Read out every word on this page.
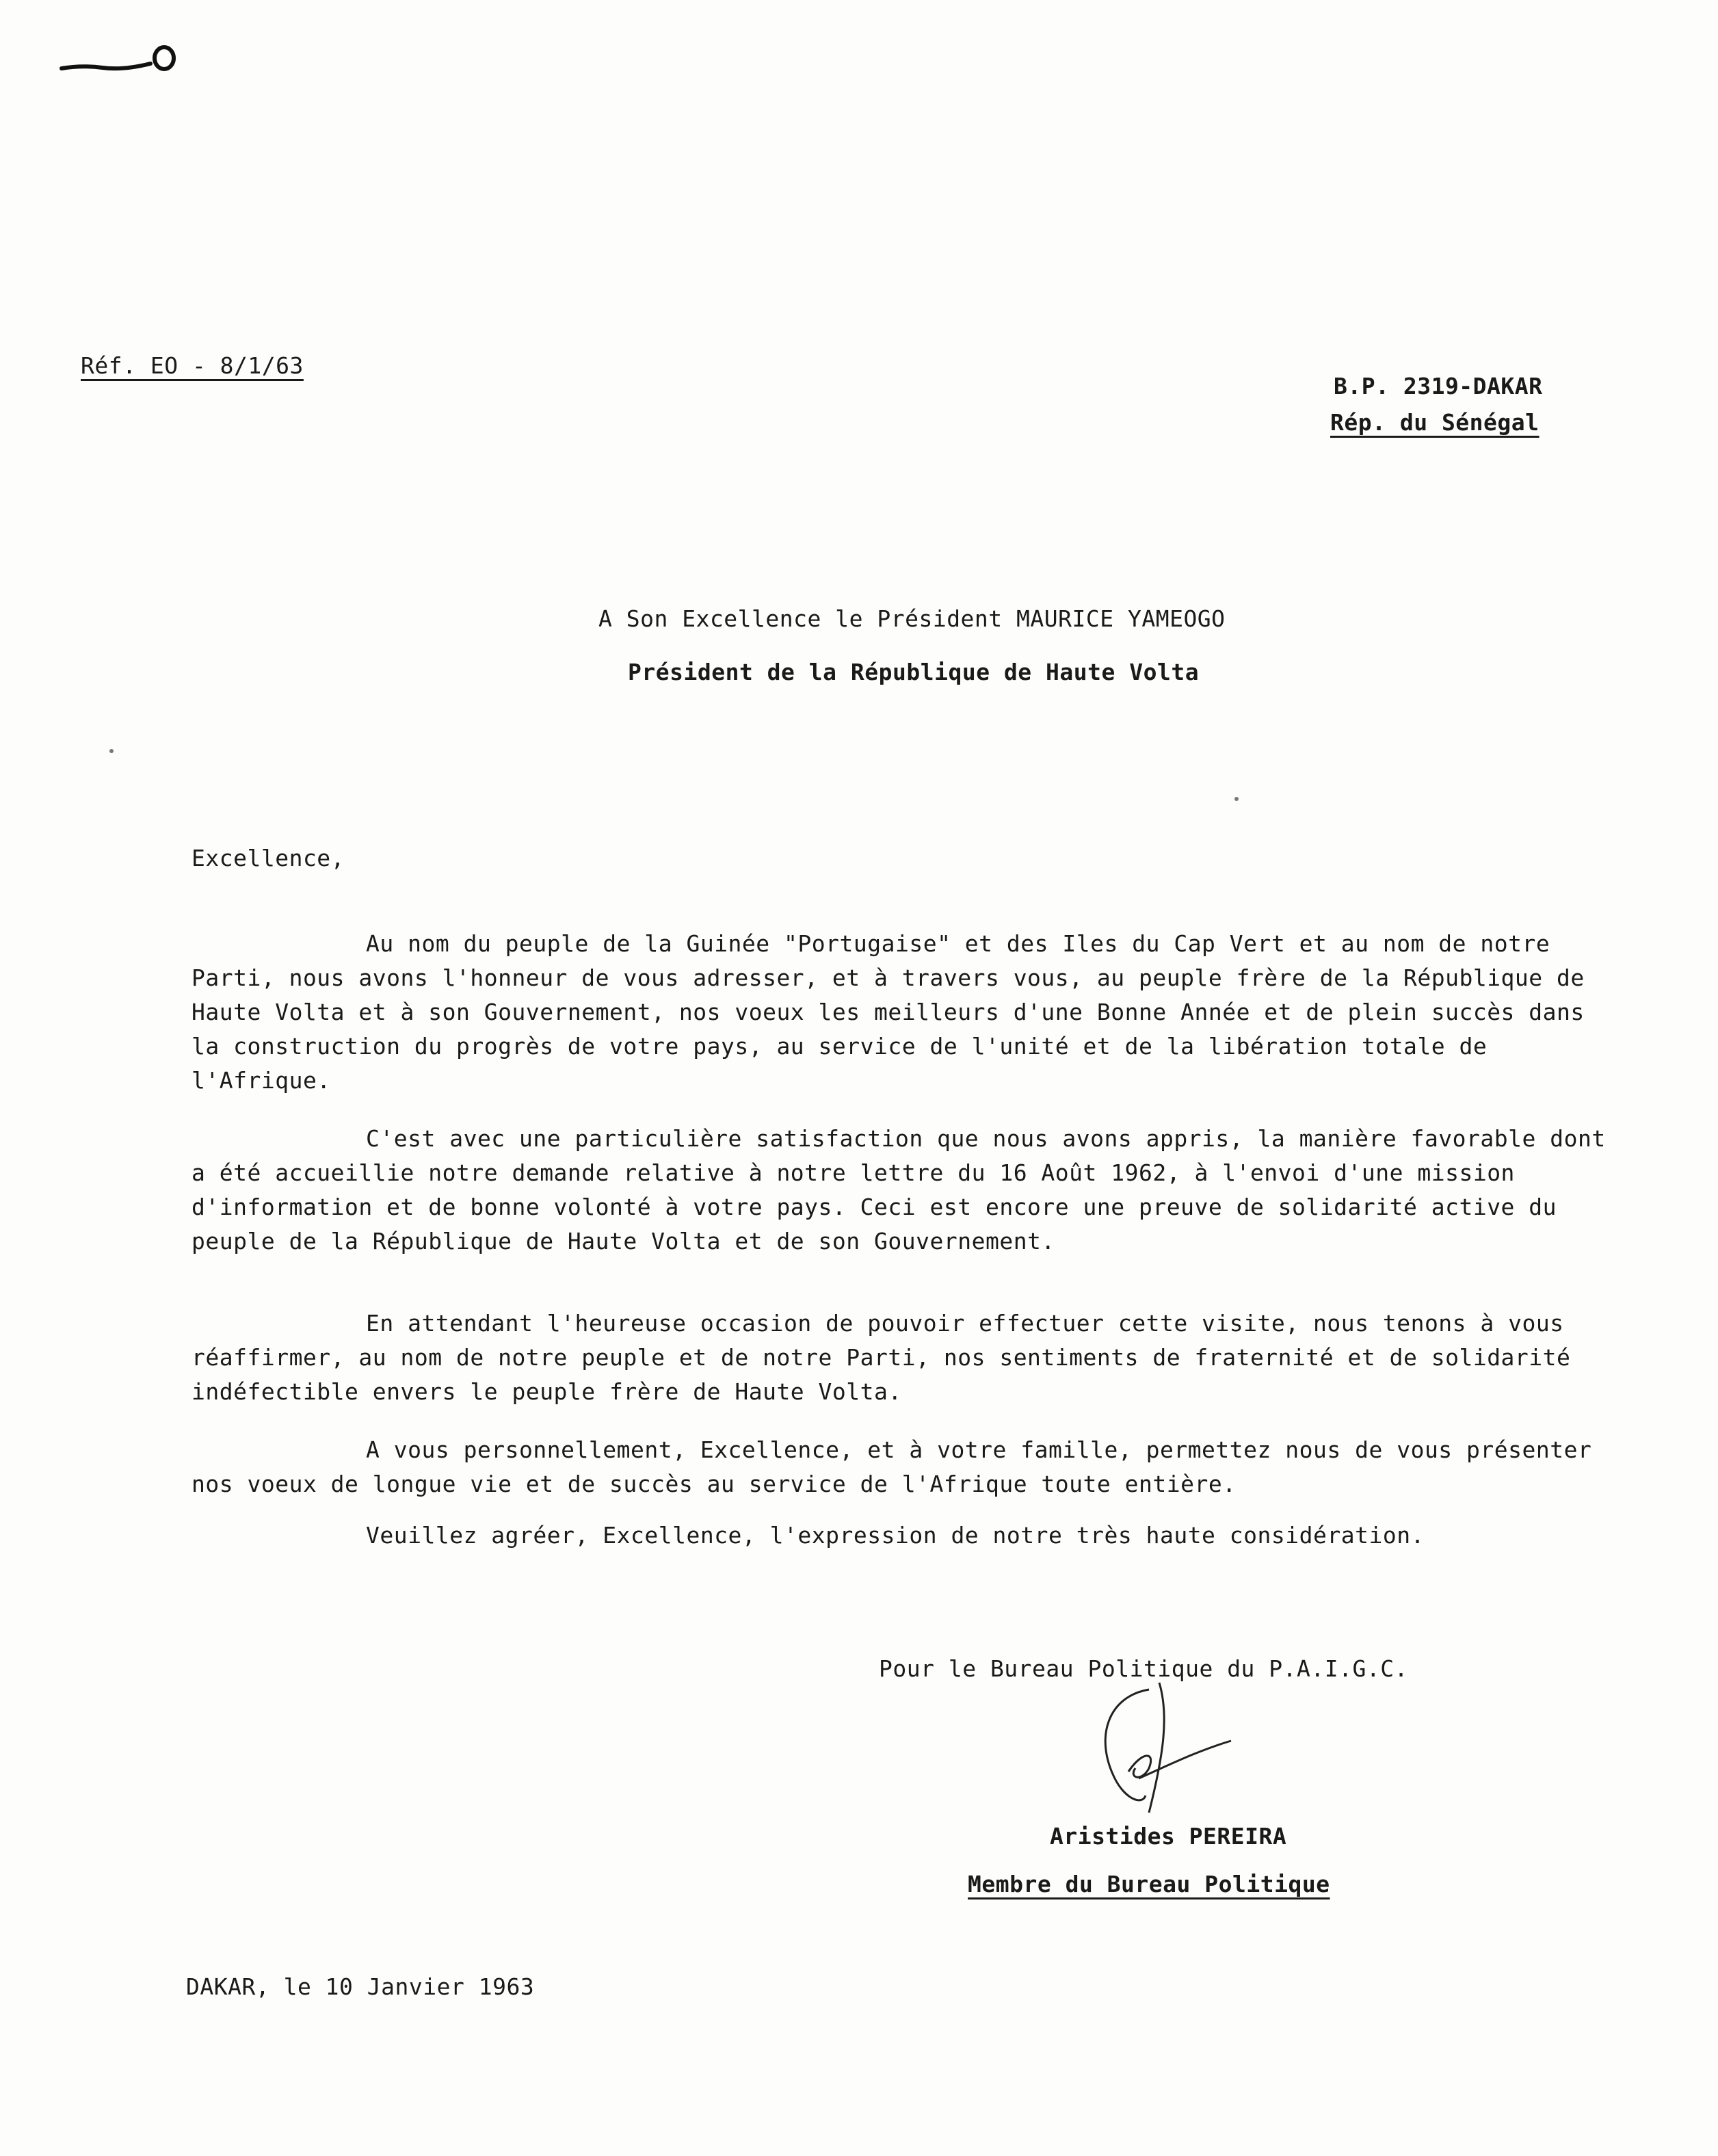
Réf. EO - 8/1/63
B.P. 2319-DAKAR
Rép. du Sénégal
A Son Excellence le Président MAURICE YAMEOGO
Président de la République de Haute Volta
Excellence,
Au nom du peuple de la Guinée "Portugaise" et des Iles du Cap Vert et au nom de notre Parti, nous avons l'honneur de vous adresser, et à travers vous, au peuple frère de la République de Haute Volta et à son Gouvernement, nos voeux les meilleurs d'une Bonne Année et de plein succès dans la construction du progrès de votre pays, au service de l'unité et de la libération totale de l'Afrique.
C'est avec une particulière satisfaction que nous avons appris, la manière favorable dont a été accueillie notre demande relative à notre lettre du 16 Août 1962, à l'envoi d'une mission d'information et de bonne volonté à votre pays. Ceci est encore une preuve de solidarité active du peuple de la République de Haute Volta et de son Gouvernement.
En attendant l'heureuse occasion de pouvoir effectuer cette visite, nous tenons à vous réaffirmer, au nom de notre peuple et de notre Parti, nos sentiments de fraternité et de solidarité indéfectible envers le peuple frère de Haute Volta.
A vous personnellement, Excellence, et à votre famille, permettez nous de vous présenter nos voeux de longue vie et de succès au service de l'Afrique toute entière.
Veuillez agréer, Excellence, l'expression de notre très haute considération.
Pour le Bureau Politique du P.A.I.G.C.
Aristides PEREIRA
Membre du Bureau Politique
DAKAR, le 10 Janvier 1963
